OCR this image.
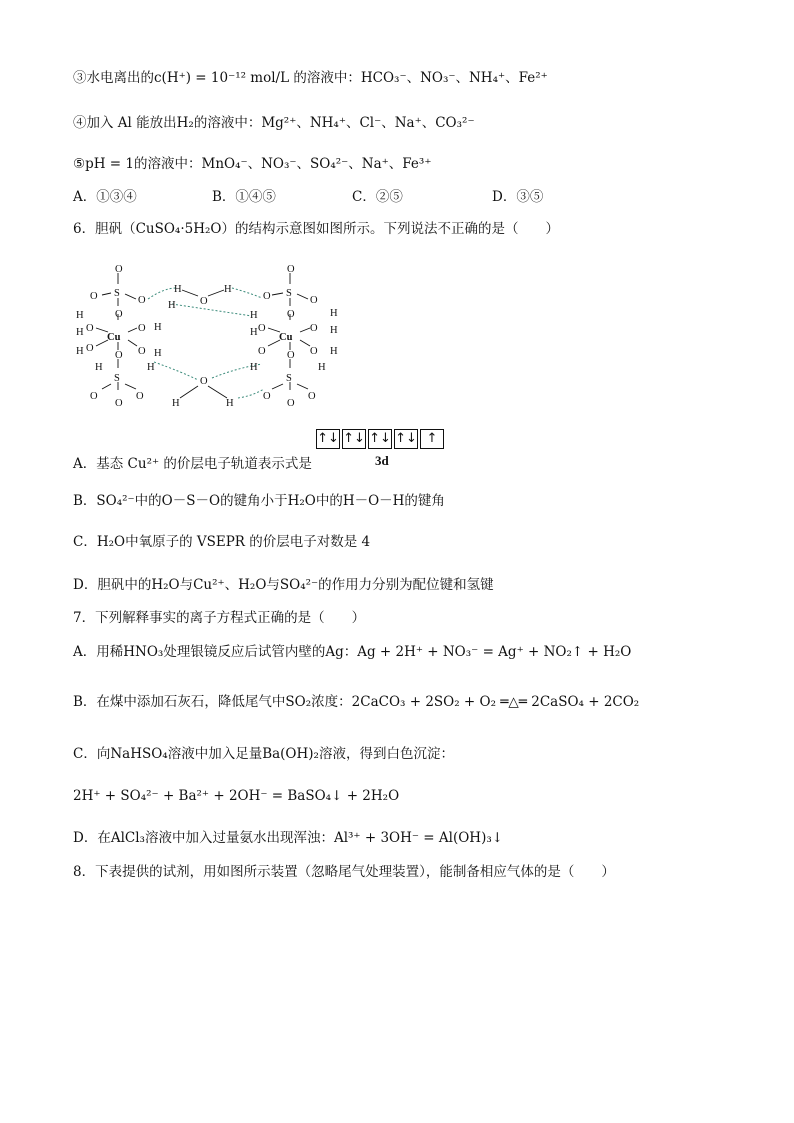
③水电离出的c(H⁺) = 10⁻¹² mol/L 的溶液中：HCO₃⁻、NO₃⁻、NH₄⁺、Fe²⁺
④加入 Al 能放出H₂的溶液中：Mg²⁺、NH₄⁺、Cl⁻、Na⁺、CO₃²⁻
⑤pH = 1的溶液中：MnO₄⁻、NO₃⁻、SO₄²⁻、Na⁺、Fe³⁺
A．①③④	B．①④⑤	C．②⑤	D．③⑤
6．胆矾（CuSO₄·5H₂O）的结构示意图如图所示。下列说法不正确的是（　　）
O
S
O	O
O
Cu
H
O
H
H O
O H
O H
O
H
S
O	O
O
H
O
S
O	O
O
Cu
H
O
H	O
H
H
O
H
O H
H
O
S
O	O
O
H
O
H
H
O
H	H
A．基态 Cu²⁺ 的价层电子轨道表示式是
↑↓ ↑↓ ↑↓ ↑↓ ↑
3d
B．SO₄²⁻中的O－S－O的键角小于H₂O中的H－O－H的键角
C．H₂O中氧原子的 VSEPR 的价层电子对数是 4
D．胆矾中的H₂O与Cu²⁺、H₂O与SO₄²⁻的作用力分别为配位键和氢键
7．下列解释事实的离子方程式正确的是（　　）
A．用稀HNO₃处理银镜反应后试管内壁的Ag：Ag + 2H⁺ + NO₃⁻ = Ag⁺ + NO₂↑ + H₂O
B．在煤中添加石灰石，降低尾气中SO₂浓度：2CaCO₃ + 2SO₂ + O₂ ═△═ 2CaSO₄ + 2CO₂
C．向NaHSO₄溶液中加入足量Ba(OH)₂溶液，得到白色沉淀：
2H⁺ + SO₄²⁻ + Ba²⁺ + 2OH⁻ = BaSO₄↓ + 2H₂O
D．在AlCl₃溶液中加入过量氨水出现浑浊：Al³⁺ + 3OH⁻ = Al(OH)₃↓
8．下表提供的试剂，用如图所示装置（忽略尾气处理装置），能制备相应气体的是（　　）
